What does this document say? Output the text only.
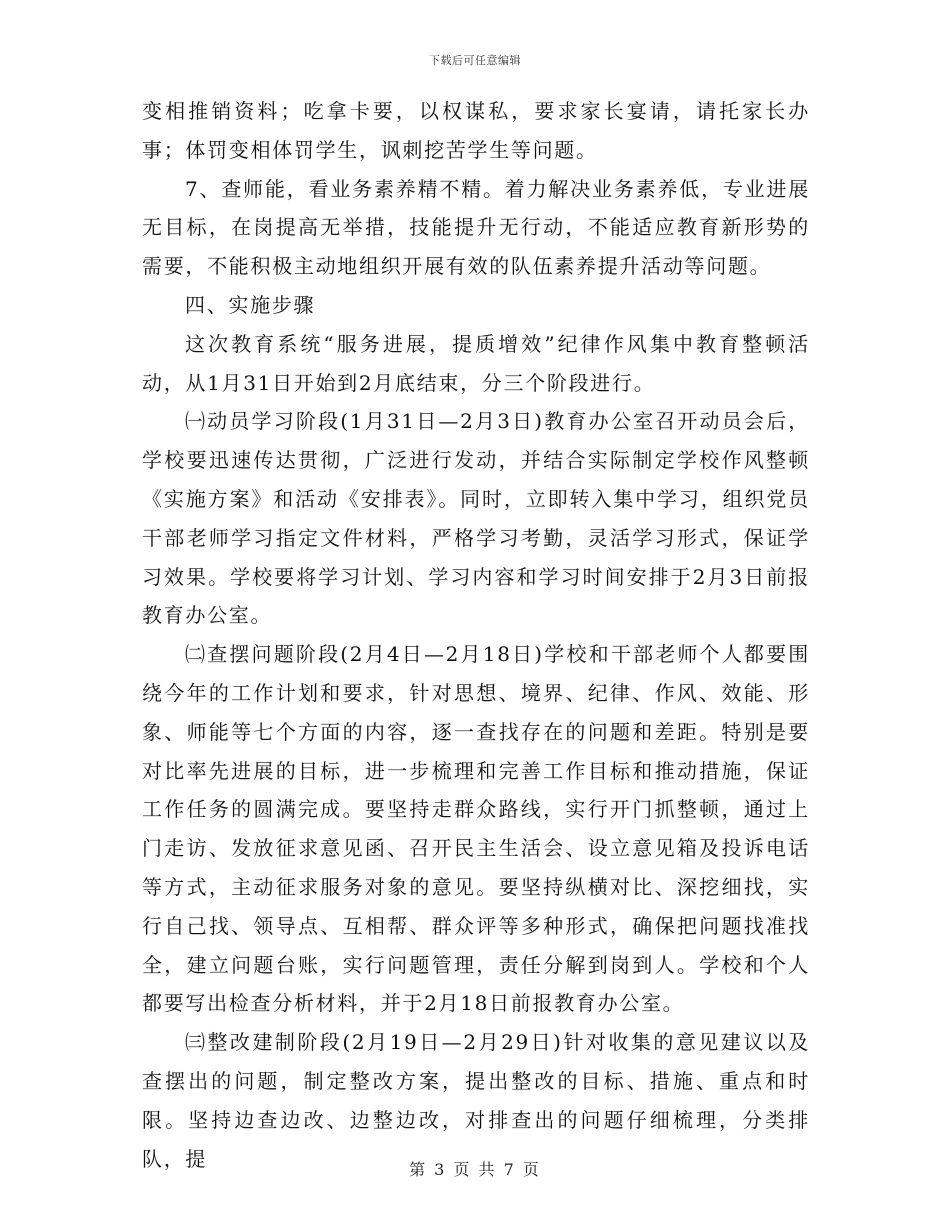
下载后可任意编辑

变相推销资料；吃拿卡要，以权谋私，要求家长宴请，请托家长办事；体罚变相体罚学生，讽刺挖苦学生等问题。

7、查师能，看业务素养精不精。着力解决业务素养低，专业进展无目标，在岗提高无举措，技能提升无行动，不能适应教育新形势的需要，不能积极主动地组织开展有效的队伍素养提升活动等问题。

四、实施步骤

这次教育系统“服务进展，提质增效”纪律作风集中教育整顿活动，从1月31日开始到2月底结束，分三个阶段进行。

㈠动员学习阶段(1月31日—2月3日)教育办公室召开动员会后，学校要迅速传达贯彻，广泛进行发动，并结合实际制定学校作风整顿《实施方案》和活动《安排表》。同时，立即转入集中学习，组织党员干部老师学习指定文件材料，严格学习考勤，灵活学习形式，保证学习效果。学校要将学习计划、学习内容和学习时间安排于2月3日前报教育办公室。

㈡查摆问题阶段(2月4日—2月18日)学校和干部老师个人都要围绕今年的工作计划和要求，针对思想、境界、纪律、作风、效能、形象、师能等七个方面的内容，逐一查找存在的问题和差距。特别是要对比率先进展的目标，进一步梳理和完善工作目标和推动措施，保证工作任务的圆满完成。要坚持走群众路线，实行开门抓整顿，通过上门走访、发放征求意见函、召开民主生活会、设立意见箱及投诉电话等方式，主动征求服务对象的意见。要坚持纵横对比、深挖细找，实行自己找、领导点、互相帮、群众评等多种形式，确保把问题找准找全，建立问题台账，实行问题管理，责任分解到岗到人。学校和个人都要写出检查分析材料，并于2月18日前报教育办公室。

㈢整改建制阶段(2月19日—2月29日)针对收集的意见建议以及查摆出的问题，制定整改方案，提出整改的目标、措施、重点和时限。坚持边查边改、边整边改，对排查出的问题仔细梳理，分类排队，提	第 3 页 共 7 页
